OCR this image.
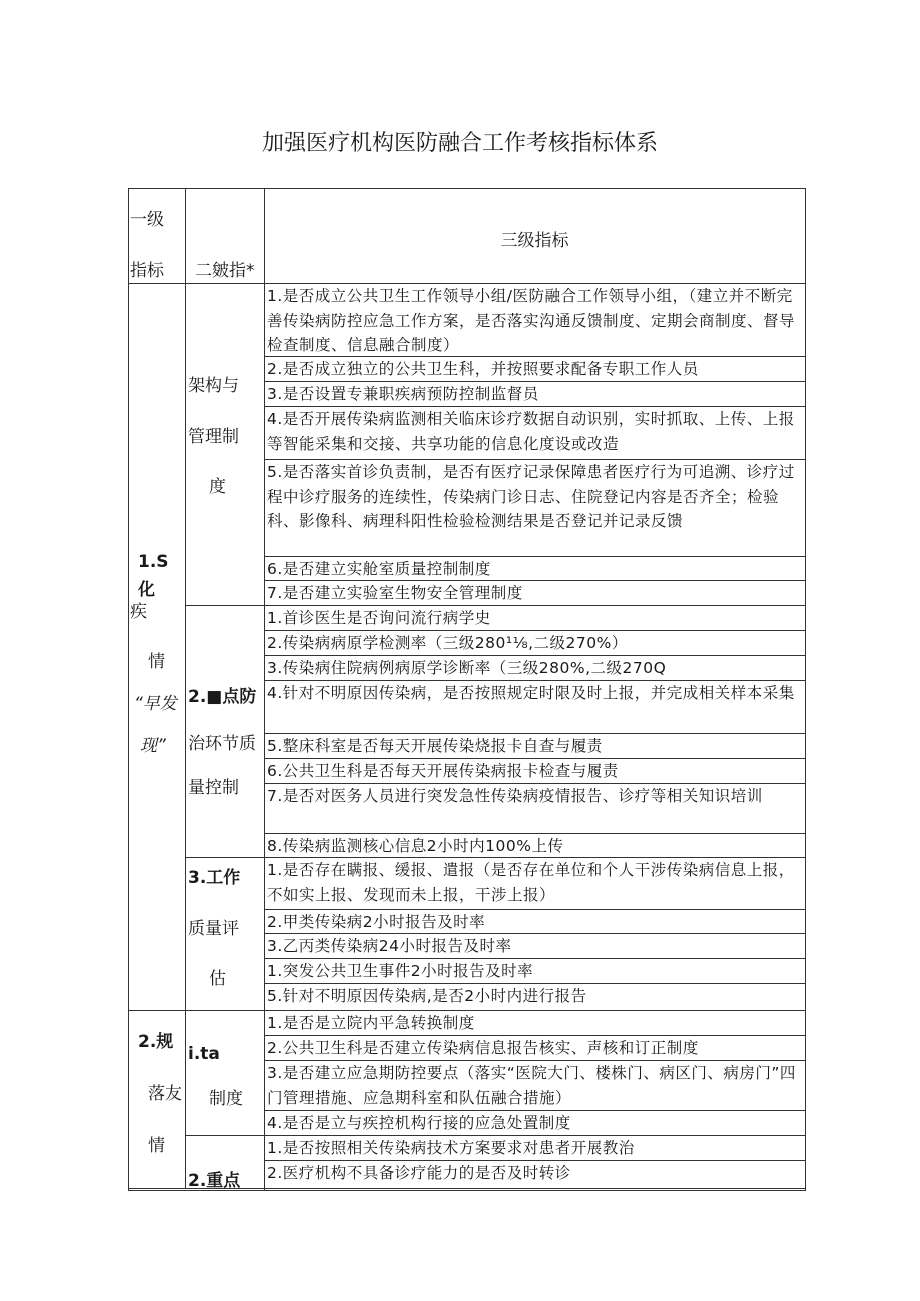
加强医疗机构医防融合工作考核指标体系
一级
指标	二皴指*
三级指标
1.S化
疾
情
“早发
现”
2.规
落友
情
架构与
管理制
度
2.■点防
治环节质
量控制
3.工作
质量评
估
i.ta
制度
2.重点
1.是否成立公共卫生工作领导小组/医防融合工作领导小组，（建立并不断完善传染病防控应急工作方案，是否落实沟通反馈制度、定期会商制度、督导检查制度、信息融合制度）
2.是否成立独立的公共卫生科，并按照要求配备专职工作人员
3.是否设置专兼职疾病预防控制监督员
4.是否开展传染病监测相关临床诊疗数据自动识别，实时抓取、上传、上报等智能采集和交接、共享功能的信息化度设或改造
5.是否落实首诊负责制，是否有医疗记录保障患者医疗行为可追溯、诊疗过程中诊疗服务的连续性，传染病门诊日志、住院登记内容是否齐全；检验科、影像科、病理科阳性检验检测结果是否登记并记录反馈
6.是否建立实舱室质量控制制度
7.是否建立实验室生物安全管理制度
1.首诊医生是否询问流行病学史
2.传染病病原学检测率（三级280¹⅛,二级270%）
3.传染病住院病例病原学诊断率（三级280%,二级270Q
4.针对不明原因传染病，是否按照规定时限及时上报，并完成相关样本采集
5.整床科室是否每天开展传染烧报卡自查与履责
6.公共卫生科是否每天开展传染病报卡检查与履责
7.是否对医务人员进行突发急性传染病疫情报告、诊疗等相关知识培训
8.传染病监测核心信息2小时内100%上传
1.是否存在瞒报、缓报、遣报（是否存在单位和个人干涉传染病信息上报，不如实上报、发现而未上报，干涉上报）
2.甲类传染病2小时报告及时率
3.乙丙类传染病24小时报告及时率
1.突发公共卫生事件2小时报告及时率
5.针对不明原因传染病,是否2小时内进行报告
1.是否是立院内平急转换制度
2.公共卫生科是否建立传染病信息报告核实、声核和订正制度
3.是否建立应急期防控要点（落实“医院大门、楼株门、病区门、病房门”四门管理措施、应急期科室和队伍融合措施）
4.是否是立与疾控机构行接的应急处置制度
1.是否按照相关传染病技术方案要求对患者开展教治
2.医疗机构不具备诊疗能力的是否及时转诊
